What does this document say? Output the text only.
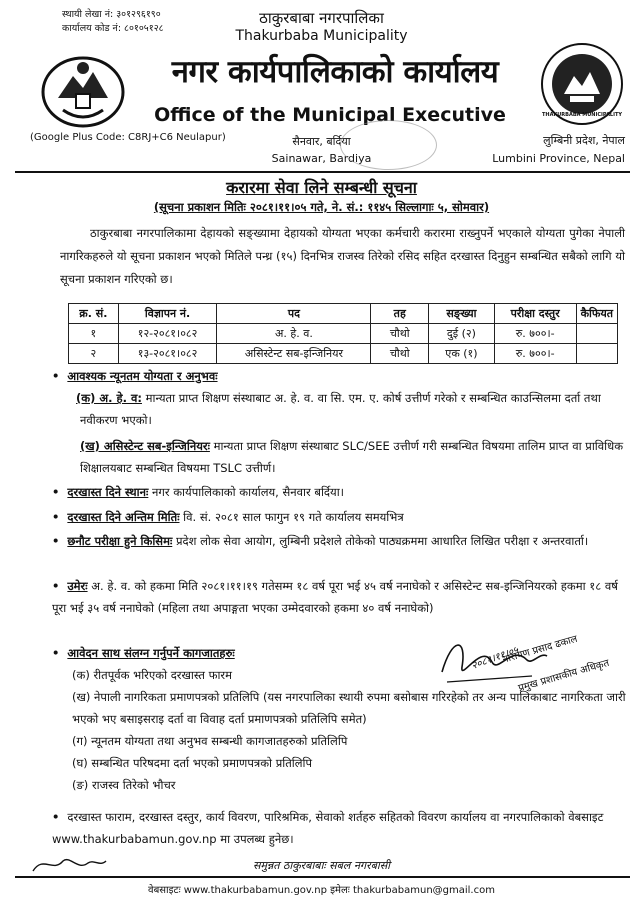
स्थायी लेखा नं: ३०१२९६१९०
कार्यालय कोड नं: ८०१०५१२८
ठाकुरबाबा नगरपालिका
Thakurbaba Municipality
नगर कार्यपालिकाको कार्यालय
Office of the Municipal Executive	THAKURBABA MUNICIPALITY
(Google Plus Code: C8RJ+C6 Neulapur)	सैनवार, बर्दिया
Sainawar, Bardiya
लुम्बिनी प्रदेश, नेपाल
Lumbini Province, Nepal
करारमा सेवा लिने सम्बन्धी सूचना
(सूचना प्रकाशन मितिः २०८१।११।०५ गते, ने. सं.: ११४५ सिल्लागाः ५, सोमवार)
ठाकुरबाबा नगरपालिकामा देहायको सङ्ख्यामा देहायको योग्यता भएका कर्मचारी करारमा राख्नुपर्ने भएकाले योग्यता पुगेका नेपाली नागरिकहरुले यो सूचना प्रकाशन भएको मितिले पन्ध्र (१५) दिनभित्र राजस्व तिरेको रसिद सहित दरखास्त दिनुहुन सम्बन्धित सबैको लागि यो सूचना प्रकाशन गरिएको छ।
क्र. सं.	विज्ञापन नं.	पद	तह	सङ्ख्या	परीक्षा दस्तुर	कैफियत
१	१२-२०८१।०८२	अ. हे. व.	चौथो	दुई (२)	रु. ७००।-	
२	१३-२०८१।०८२	असिस्टेन्ट सब-इन्जिनियर	चौथो	एक (१)	रु. ७००।-	
•  आवश्यक न्यूनतम योग्यता र अनुभवः
(क) अ. हे. व: मान्यता प्राप्त शिक्षण संस्थाबाट अ. हे. व. वा सि. एम. ए. कोर्ष उत्तीर्ण गरेको र सम्बन्धित काउन्सिलमा दर्ता तथा नवीकरण भएको।
(ख) असिस्टेन्ट सब-इन्जिनियरः मान्यता प्राप्त शिक्षण संस्थाबाट SLC/SEE उत्तीर्ण गरी सम्बन्धित विषयमा तालिम प्राप्त वा प्राविधिक शिक्षालयबाट सम्बन्धित विषयमा TSLC उत्तीर्ण।
•  दरखास्त दिने स्थानः नगर कार्यपालिकाको कार्यालय, सैनवार बर्दिया।
•  दरखास्त दिने अन्तिम मितिः वि. सं. २०८१ साल फागुन १९ गते कार्यालय समयभित्र
•  छनौट परीक्षा हुने किसिमः प्रदेश लोक सेवा आयोग, लुम्बिनी प्रदेशले तोकेको पाठ्यक्रममा आधारित लिखित परीक्षा र अन्तरवार्ता।
•  उमेरः अ. हे. व. को हकमा मिति २०८१।११।१९ गतेसम्म १८ वर्ष पूरा भई ४५ वर्ष ननाघेको र असिस्टेन्ट सब-इन्जिनियरको हकमा १८ वर्ष पूरा भई ३५ वर्ष ननाघेको (महिला तथा अपाङ्गता भएका उम्मेदवारको हकमा ४० वर्ष ननाघेको)
•  आवेदन साथ संलग्न गर्नुपर्ने कागजातहरुः
(क) रीतपूर्वक भरिएको दरखास्त फारम
(ख) नेपाली नागरिकता प्रमाणपत्रको प्रतिलिपि (यस नगरपालिका स्थायी रुपमा बसोबास गरिरहेको तर अन्य पालिकाबाट नागरिकता जारी भएको भए बसाइसराइ दर्ता वा विवाह दर्ता प्रमाणपत्रको प्रतिलिपि समेत)
(ग) न्यूनतम योग्यता तथा अनुभव सम्बन्धी कागजातहरुको प्रतिलिपि
(घ) सम्बन्धित परिषदमा दर्ता भएको प्रमाणपत्रको प्रतिलिपि
(ङ) राजस्व तिरेको भौचर
•  दरखास्त फाराम, दरखास्त दस्तुर, कार्य विवरण, पारिश्रमिक, सेवाको शर्तहरु सहितको विवरण कार्यालय वा नगरपालिकाको वेबसाइट www.thakurbabamun.gov.np मा उपलब्ध हुनेछ।
२०८१।११।०५
नारायण प्रसाद ढकाल
प्रमुख प्रशासकीय अधिकृत
समुन्नत ठाकुरबाबाः सबल नगरबासी
वेबसाइटः www.thakurbabamun.gov.np इमेलः thakurbabamun@gmail.com
